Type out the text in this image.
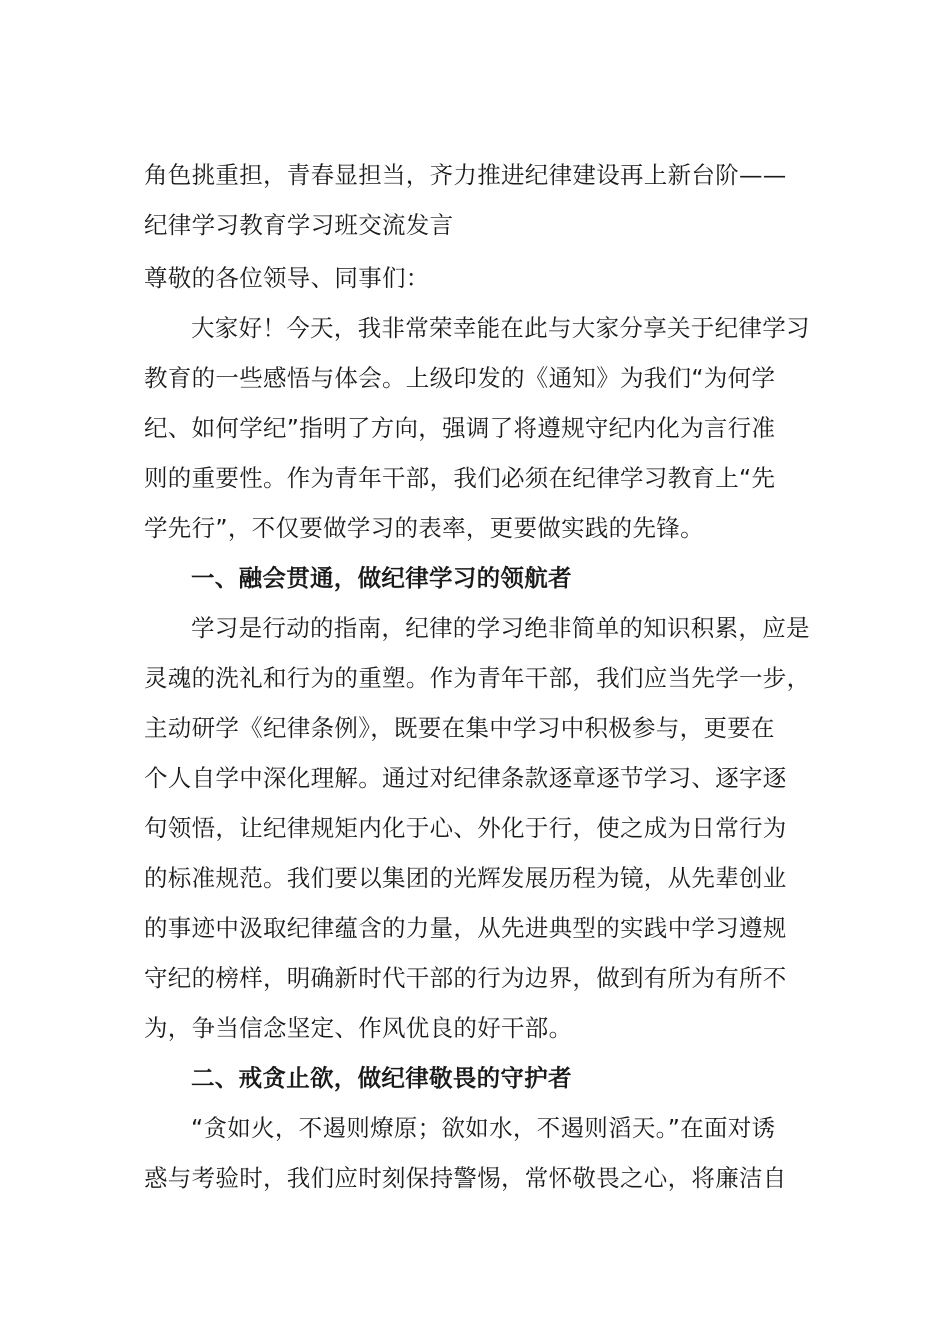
角色挑重担，青春显担当，齐力推进纪律建设再上新台阶——
纪律学习教育学习班交流发言

尊敬的各位领导、同事们：

大家好！今天，我非常荣幸能在此与大家分享关于纪律学习
教育的一些感悟与体会。上级印发的《通知》为我们“为何学
纪、如何学纪”指明了方向，强调了将遵规守纪内化为言行准
则的重要性。作为青年干部，我们必须在纪律学习教育上“先
学先行”，不仅要做学习的表率，更要做实践的先锋。

一、融会贯通，做纪律学习的领航者

学习是行动的指南，纪律的学习绝非简单的知识积累，应是
灵魂的洗礼和行为的重塑。作为青年干部，我们应当先学一步，
主动研学《纪律条例》，既要在集中学习中积极参与，更要在
个人自学中深化理解。通过对纪律条款逐章逐节学习、逐字逐
句领悟，让纪律规矩内化于心、外化于行，使之成为日常行为
的标准规范。我们要以集团的光辉发展历程为镜，从先辈创业
的事迹中汲取纪律蕴含的力量，从先进典型的实践中学习遵规
守纪的榜样，明确新时代干部的行为边界，做到有所为有所不
为，争当信念坚定、作风优良的好干部。

二、戒贪止欲，做纪律敬畏的守护者

“贪如火，不遏则燎原；欲如水，不遏则滔天。”在面对诱
惑与考验时，我们应时刻保持警惕，常怀敬畏之心，将廉洁自
